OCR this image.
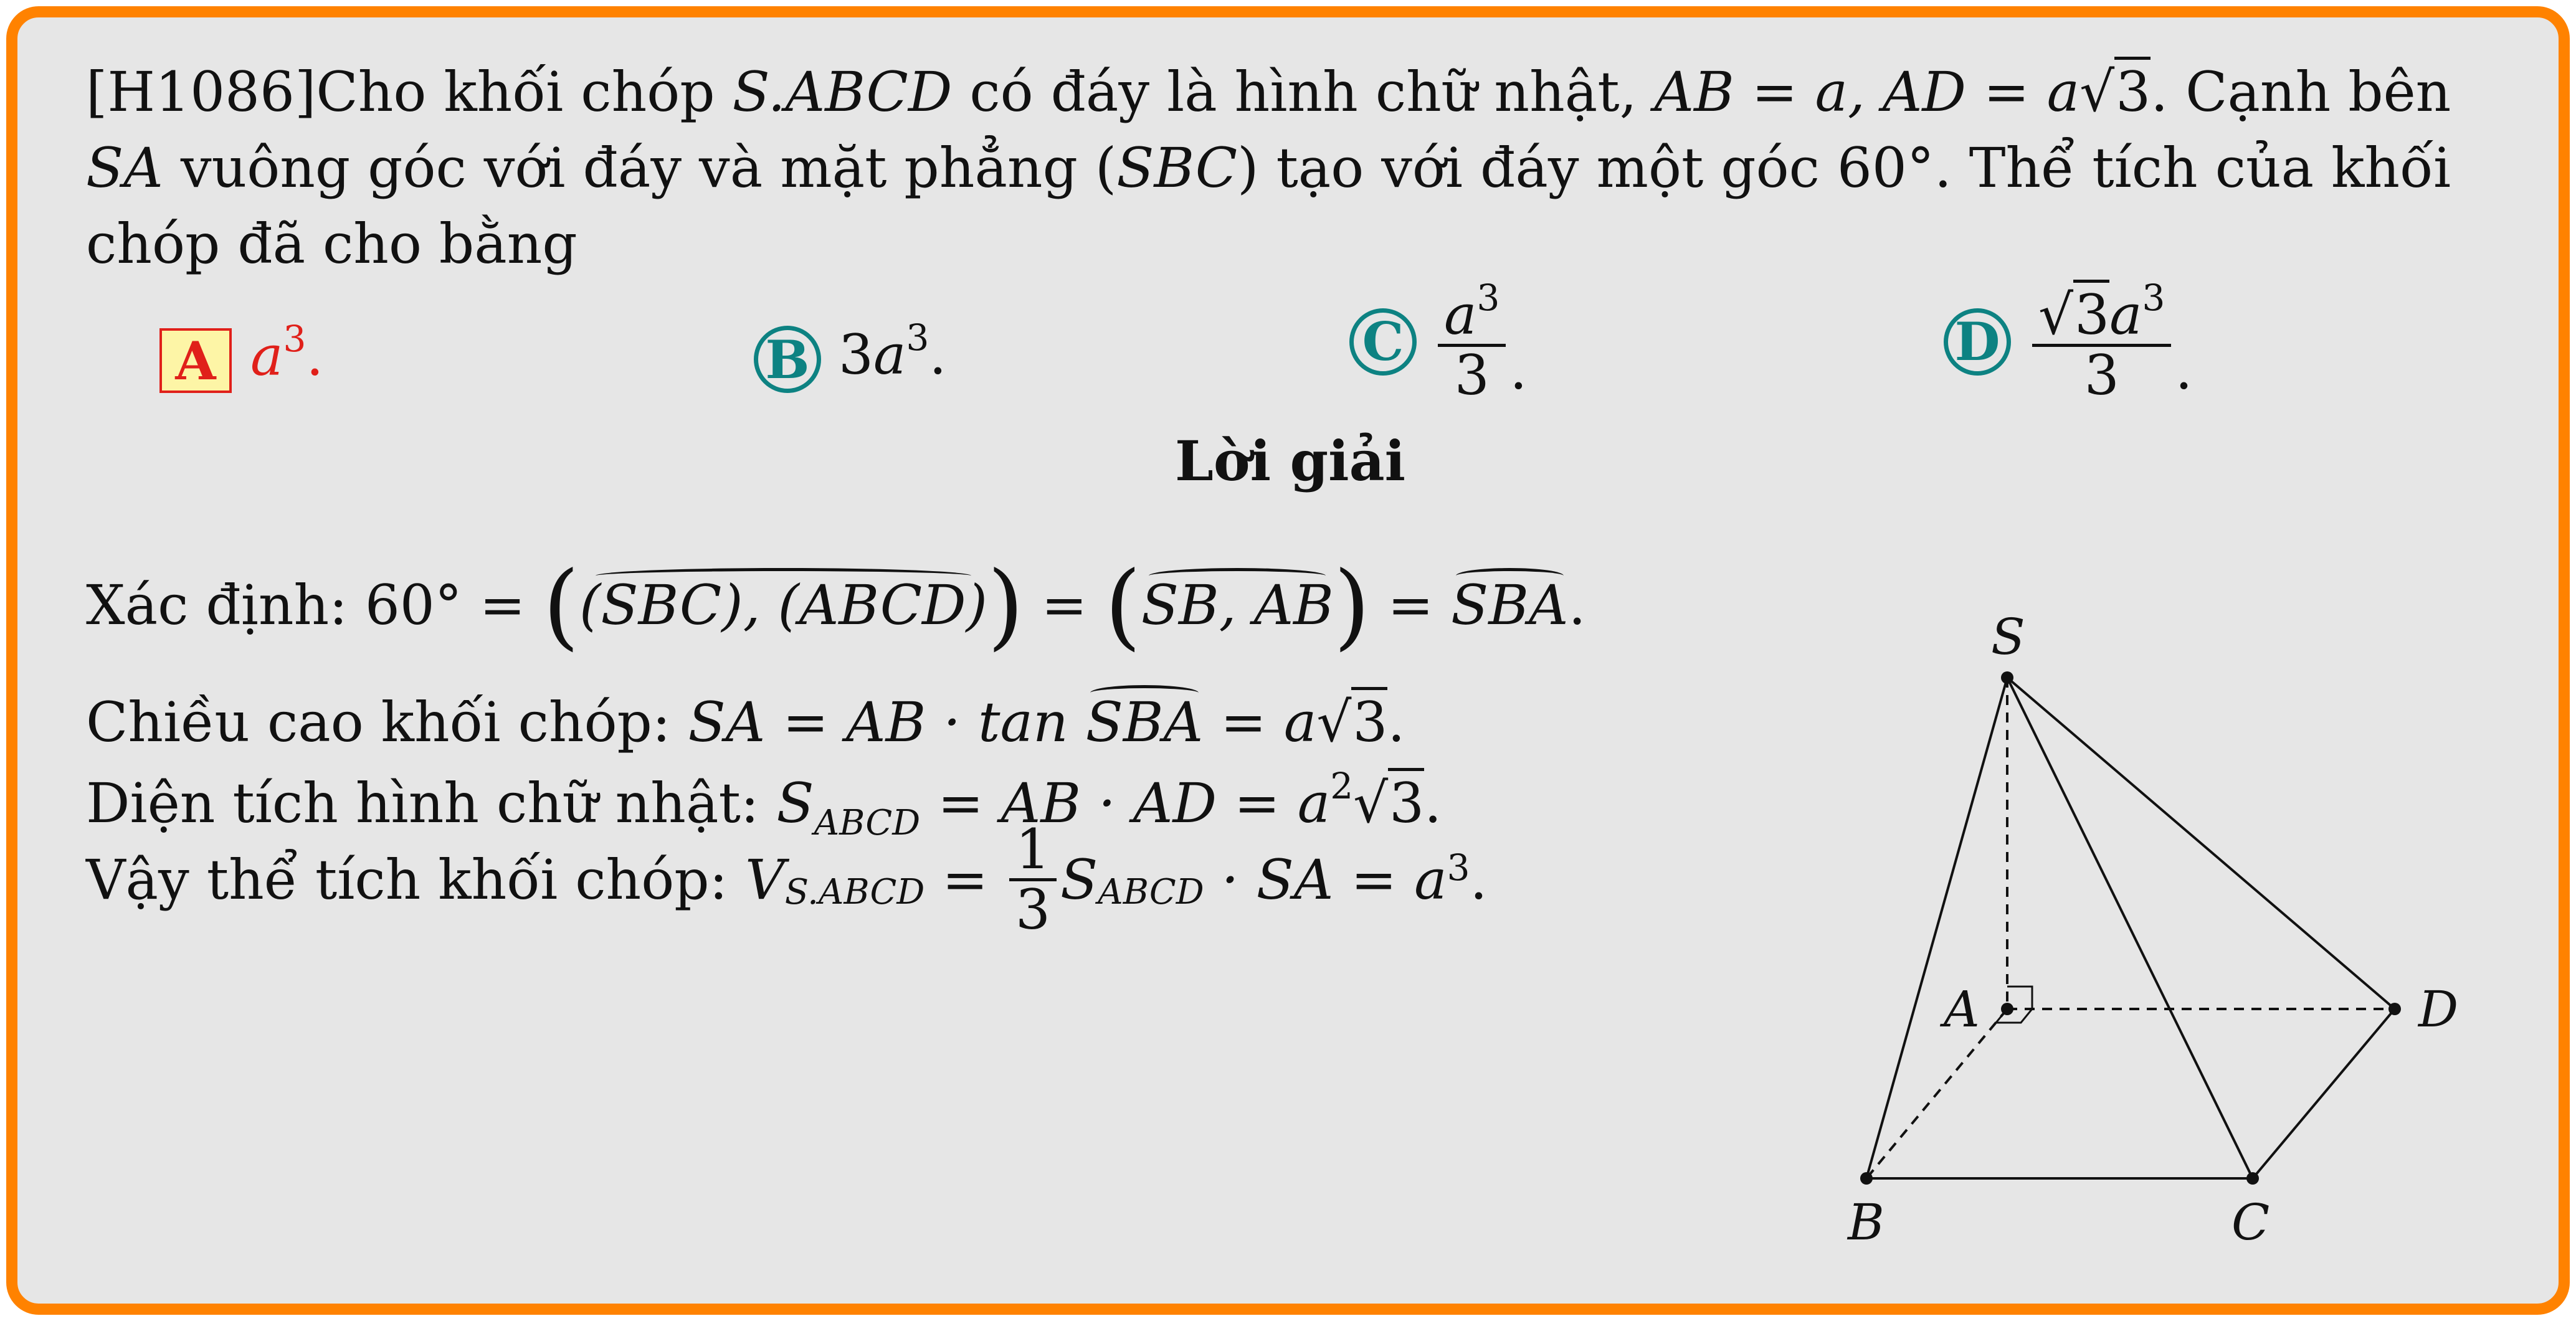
[H1086]Cho khối chóp S.ABCD có đáy là hình chữ nhật, AB = a, AD = a√3. Cạnh bên
SA vuông góc với đáy và mặt phẳng (SBC) tạo với đáy một góc 60°. Thể tích của khối
chóp đã cho bằng
A $a^3$.	B $3a^3$.	C $\frac{a^3}{3}$ .	D $\frac{√3a^3}{3}$ .
Lời giải
Xác định: 60° = ((SBC), (ABCD)) = (SB, AB) = SBA.
Chiều cao khối chóp: SA = AB · tan SBA = a√3.
Diện tích hình chữ nhật: $S_{ABCD}$ = AB · AD = $a^2√3$.
Vậy thể tích khối chóp:
V S.ABCD = $\frac{1}{3}$ S ABCD · SA = a 3 .
S
A
B	C
D
